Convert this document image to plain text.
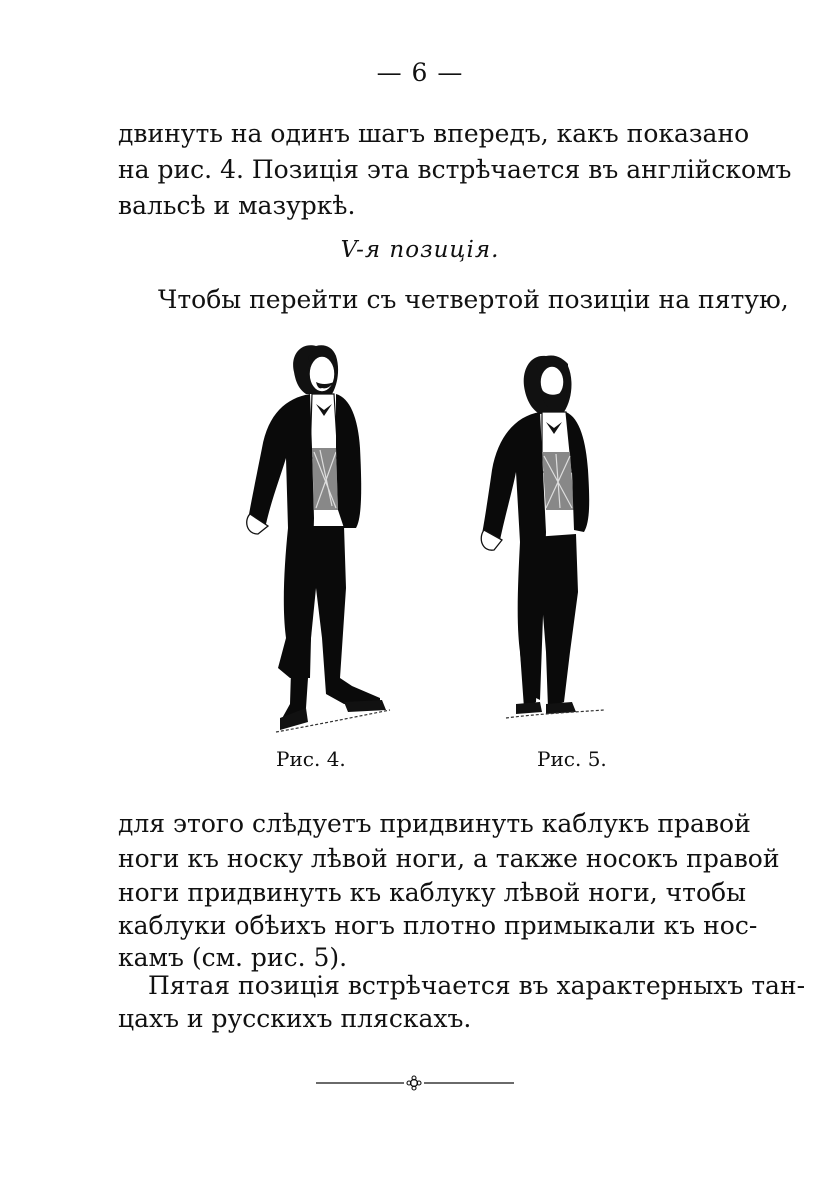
— 6 —
двинуть на одинъ шагъ впередъ, какъ показано
на рис. 4. Позиція эта встрѣчается въ англійскомъ
вальсѣ и мазуркѣ.
V-я позиція.
Чтобы перейти съ четвертой позиціи на пятую,
Рис. 4.	Рис. 5.
для этого слѣдуетъ придвинуть каблукъ правой
ноги къ носку лѣвой ноги, а также носокъ правой
ноги придвинуть къ каблуку лѣвой ноги, чтобы
каблуки обѣихъ ногъ плотно примыкали къ нос-
камъ (см. рис. 5).
Пятая позиція встрѣчается въ характерныхъ тан-
цахъ и русскихъ пляскахъ.
